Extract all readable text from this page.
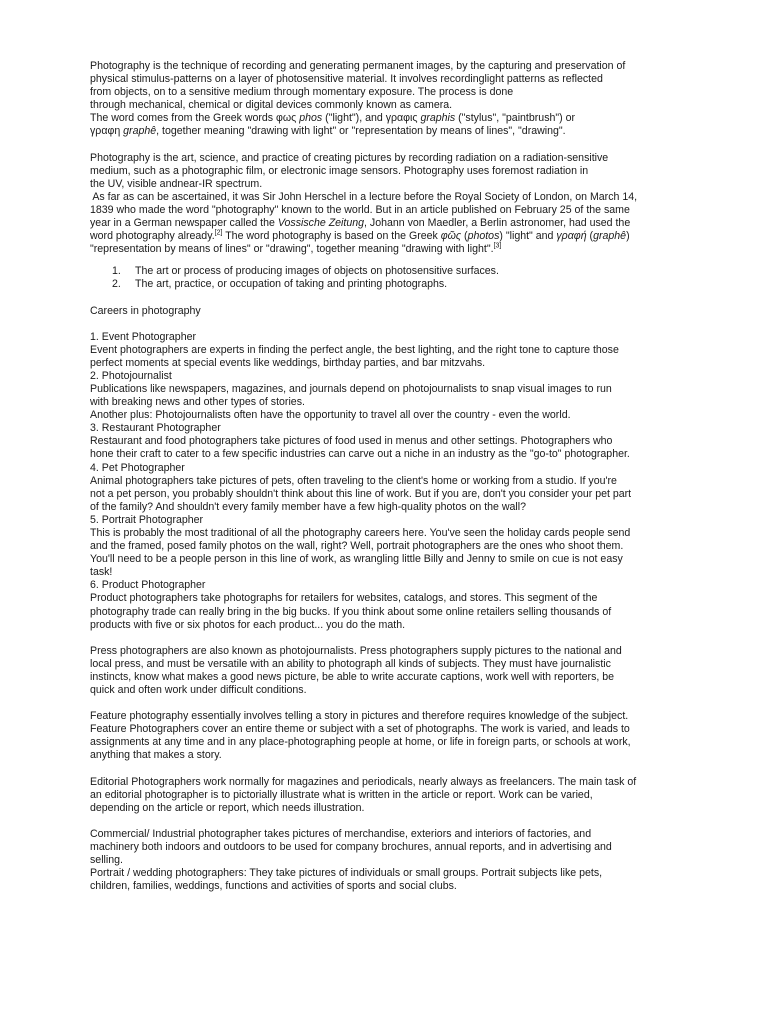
Photography is the technique of recording and generating permanent images, by the capturing and preservation of
physical stimulus-patterns on a layer of photosensitive material. It involves recordinglight patterns as reflected
from objects, on to a sensitive medium through momentary exposure. The process is done
through mechanical, chemical or digital devices commonly known as camera.
The word comes from the Greek words φως phos ("light"), and γραφις graphis ("stylus", "paintbrush") or
γραφη graphê, together meaning "drawing with light" or "representation by means of lines", "drawing".
Photography is the art, science, and practice of creating pictures by recording radiation on a radiation-sensitive
medium, such as a photographic film, or electronic image sensors. Photography uses foremost radiation in
the UV, visible andnear-IR spectrum.
As far as can be ascertained, it was Sir John Herschel in a lecture before the Royal Society of London, on March 14,
1839 who made the word "photography" known to the world. But in an article published on February 25 of the same
year in a German newspaper called the Vossische Zeitung, Johann von Maedler, a Berlin astronomer, had used the
word photography already.[2] The word photography is based on the Greek φῶς (photos) "light" and γραφή (graphê)
"representation by means of lines" or "drawing", together meaning "drawing with light".[3]
1. The art or process of producing images of objects on photosensitive surfaces.
2. The art, practice, or occupation of taking and printing photographs.
Careers in photography
1. Event Photographer
Event photographers are experts in finding the perfect angle, the best lighting, and the right tone to capture those
perfect moments at special events like weddings, birthday parties, and bar mitzvahs.
2. Photojournalist
Publications like newspapers, magazines, and journals depend on photojournalists to snap visual images to run
with breaking news and other types of stories.
Another plus: Photojournalists often have the opportunity to travel all over the country - even the world.
3. Restaurant Photographer
Restaurant and food photographers take pictures of food used in menus and other settings. Photographers who
hone their craft to cater to a few specific industries can carve out a niche in an industry as the "go-to" photographer.
4. Pet Photographer
Animal photographers take pictures of pets, often traveling to the client's home or working from a studio. If you're
not a pet person, you probably shouldn't think about this line of work. But if you are, don't you consider your pet part
of the family? And shouldn't every family member have a few high-quality photos on the wall?
5. Portrait Photographer
This is probably the most traditional of all the photography careers here. You've seen the holiday cards people send
and the framed, posed family photos on the wall, right? Well, portrait photographers are the ones who shoot them.
You'll need to be a people person in this line of work, as wrangling little Billy and Jenny to smile on cue is not easy
task!
6. Product Photographer
Product photographers take photographs for retailers for websites, catalogs, and stores. This segment of the
photography trade can really bring in the big bucks. If you think about some online retailers selling thousands of
products with five or six photos for each product... you do the math.
Press photographers are also known as photojournalists. Press photographers supply pictures to the national and
local press, and must be versatile with an ability to photograph all kinds of subjects. They must have journalistic
instincts, know what makes a good news picture, be able to write accurate captions, work well with reporters, be
quick and often work under difficult conditions.
Feature photography essentially involves telling a story in pictures and therefore requires knowledge of the subject.
Feature Photographers cover an entire theme or subject with a set of photographs. The work is varied, and leads to
assignments at any time and in any place-photographing people at home, or life in foreign parts, or schools at work,
anything that makes a story.
Editorial Photographers work normally for magazines and periodicals, nearly always as freelancers. The main task of
an editorial photographer is to pictorially illustrate what is written in the article or report. Work can be varied,
depending on the article or report, which needs illustration.
Commercial/ Industrial photographer takes pictures of merchandise, exteriors and interiors of factories, and
machinery both indoors and outdoors to be used for company brochures, annual reports, and in advertising and
selling.
Portrait / wedding photographers: They take pictures of individuals or small groups. Portrait subjects like pets,
children, families, weddings, functions and activities of sports and social clubs.
